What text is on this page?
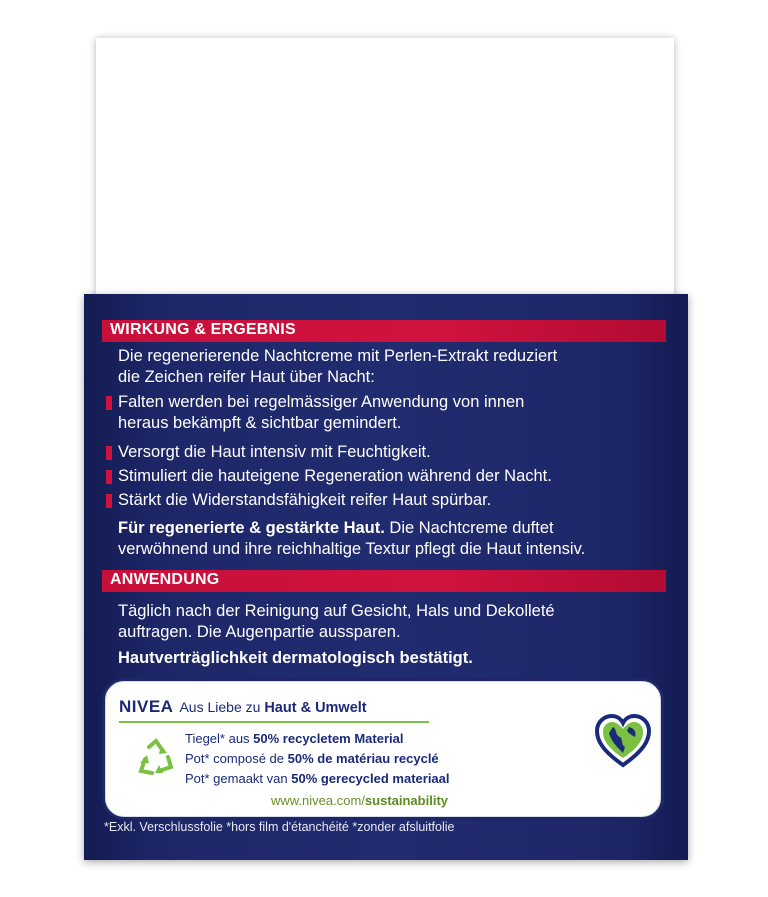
WIRKUNG & ERGEBNIS
Die regenerierende Nachtcreme mit Perlen-Extrakt reduziert
die Zeichen reifer Haut über Nacht:
Falten werden bei regelmässiger Anwendung von innen
heraus bekämpft & sichtbar gemindert.
Versorgt die Haut intensiv mit Feuchtigkeit.
Stimuliert die hauteigene Regeneration während der Nacht.
Stärkt die Widerstandsfähigkeit reifer Haut spürbar.
Für regenerierte & gestärkte Haut. Die Nachtcreme duftet
verwöhnend und ihre reichhaltige Textur pflegt die Haut intensiv.
ANWENDUNG
Täglich nach der Reinigung auf Gesicht, Hals und Dekolleté
auftragen. Die Augenpartie aussparen.
Hautverträglichkeit dermatologisch bestätigt.
NIVEA Aus Liebe zu Haut & Umwelt
Tiegel* aus 50% recycletem Material
Pot* composé de 50% de matériau recyclé
Pot* gemaakt van 50% gerecycled materiaal
www.nivea.com/sustainability
*Exkl. Verschlussfolie *hors film d'étanchéité *zonder afsluitfolie
